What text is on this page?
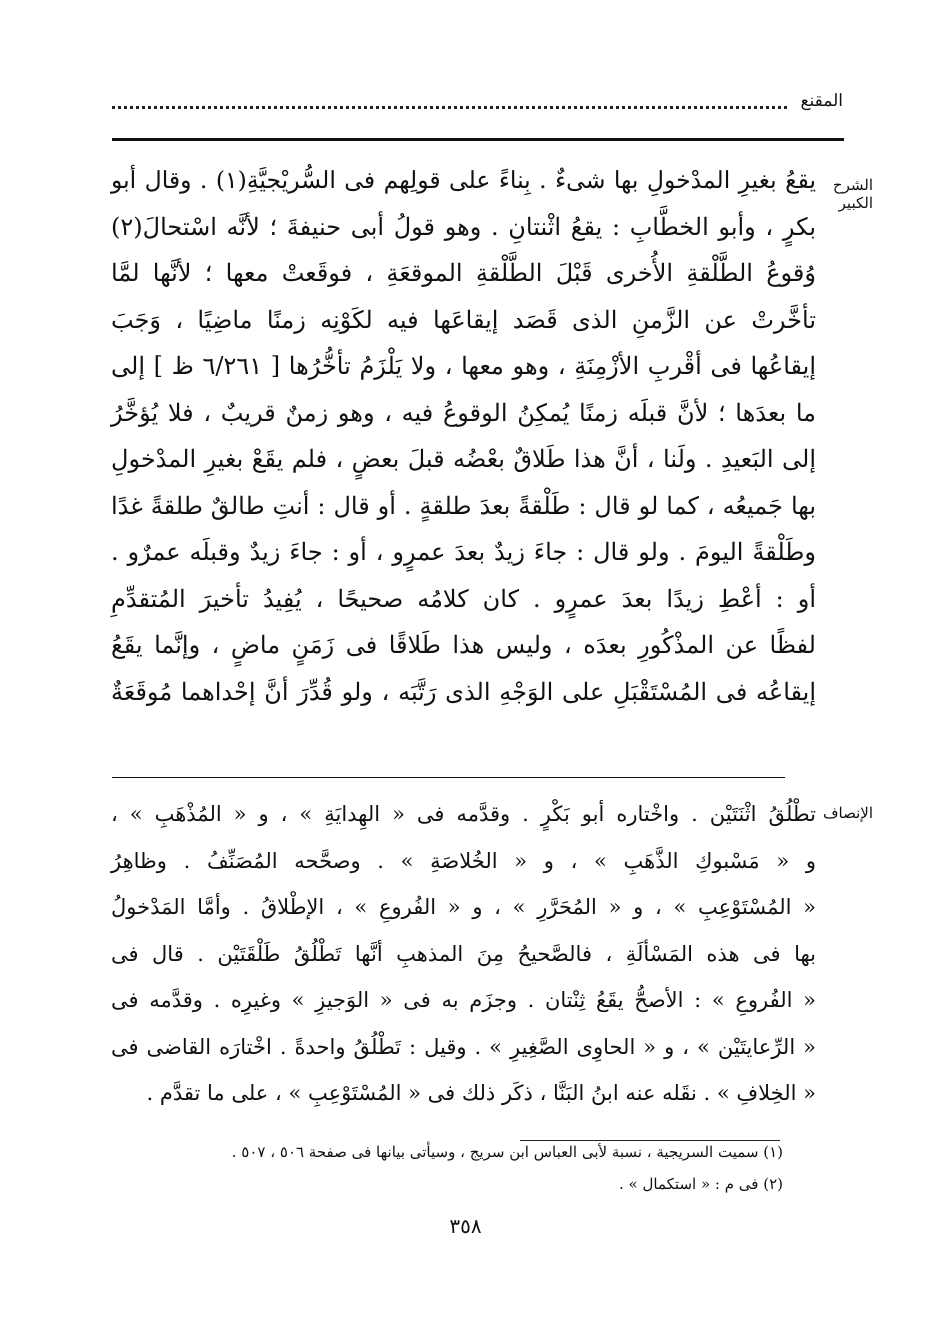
المقنع
الشرح الكبير
يقعُ بغيرِ المدْخولِ بها شىءٌ . بِناءً على قولِهم فى السُّريْجيَّةِ(١) . وقال أبو
بكرٍ ، وأبو الخطَّابِ : يقعُ اثْنتانِ . وهو قولُ أبى حنيفةَ ؛ لأنَّه اسْتحالَ(٢)
وُقوعُ الطَّلْقةِ الأُخرى قَبْلَ الطَّلْقةِ الموقعَةِ ، فوقَعتْ معها ؛ لأنَّها لمَّا
تأخَّرتْ عن الزَّمنِ الذى قَصَد إيقاعَها فيه لكَوْنِه زمنًا ماضِيًا ، وَجَبَ
إيقاعُها فى أقْربِ الأزْمِنَةِ ، وهو معها ، ولا يَلْزَمُ تأخُّرُها [ ٦/٢٦١ ظ ] إلى
ما بعدَها ؛ لأنَّ قبلَه زمنًا يُمكِنُ الوقوعُ فيه ، وهو زمنٌ قريبٌ ، فلا يُؤخَّرُ
إلى البَعيدِ . ولَنا ، أنَّ هذا طَلاقٌ بعْضُه قبلَ بعضٍ ، فلم يقَعْ بغيرِ المدْخولِ
بها جَميعُه ، كما لو قال : طَلْقةً بعدَ طلقةٍ . أو قال : أنتِ طالقٌ طلقةً غدًا
وطَلْقةً اليومَ . ولو قال : جاءَ زيدٌ بعدَ عمرٍو ، أو : جاءَ زيدٌ وقبلَه عمرٌو .
أو : أعْطِ زيدًا بعدَ عمرٍو . كان كلامُه صحيحًا ، يُفِيدُ تأخيرَ المُتقدِّمِ
لفظًا عن المذْكُورِ بعدَه ، وليس هذا طَلاقًا فى زَمَنٍ ماضٍ ، وإنَّما يقَعُ
إيقاعُه فى المُسْتَقْبَلِ على الوَجْهِ الذى رَتَّبَه ، ولو قُدِّرَ أنَّ إحْداهما مُوقَعَةٌ
الإنصاف
تطْلُقُ اثْنَتَيْن . واخْتاره أبو بَكْرٍ . وقدَّمه فى « الهِدايَةِ » ، و « المُذْهَبِ » ،
و « مَسْبوكِ الذَّهَبِ » ، و « الخُلاصَةِ » . وصحَّحه المُصَنِّفُ . وظاهِرُ
« المُسْتَوْعِبِ » ، و « المُحَرَّرِ » ، و « الفُروعِ » ، الإطْلاقُ . وأمَّا المَدْخولُ
بها فى هذه المَسْألَةِ ، فالصَّحيحُ مِنَ المذهبِ أنَّها تَطْلُقُ طَلْقَتَيْن . قال فى
« الفُروعِ » : الأصحُّ يقَعُ ثِنْتان . وجزَم به فى « الوَجيزِ » وغيرِه . وقدَّمه فى
« الرِّعايتَيْن » ، و « الحاوِى الصَّغِيرِ » . وقيل : تَطْلُقُ واحدةً . اخْتارَه القاضى فى
« الخِلافِ » . نقَله عنه ابنُ البَنَّا ، ذكَر ذلك فى « المُسْتَوْعِبِ » ، على ما تقدَّم .
(١) سميت السريجية ، نسبة لأبى العباس ابن سريج ، وسيأتى بيانها فى صفحة ٥٠٦ ، ٥٠٧ .
(٢) فى م : « استكمال » .
٣٥٨
